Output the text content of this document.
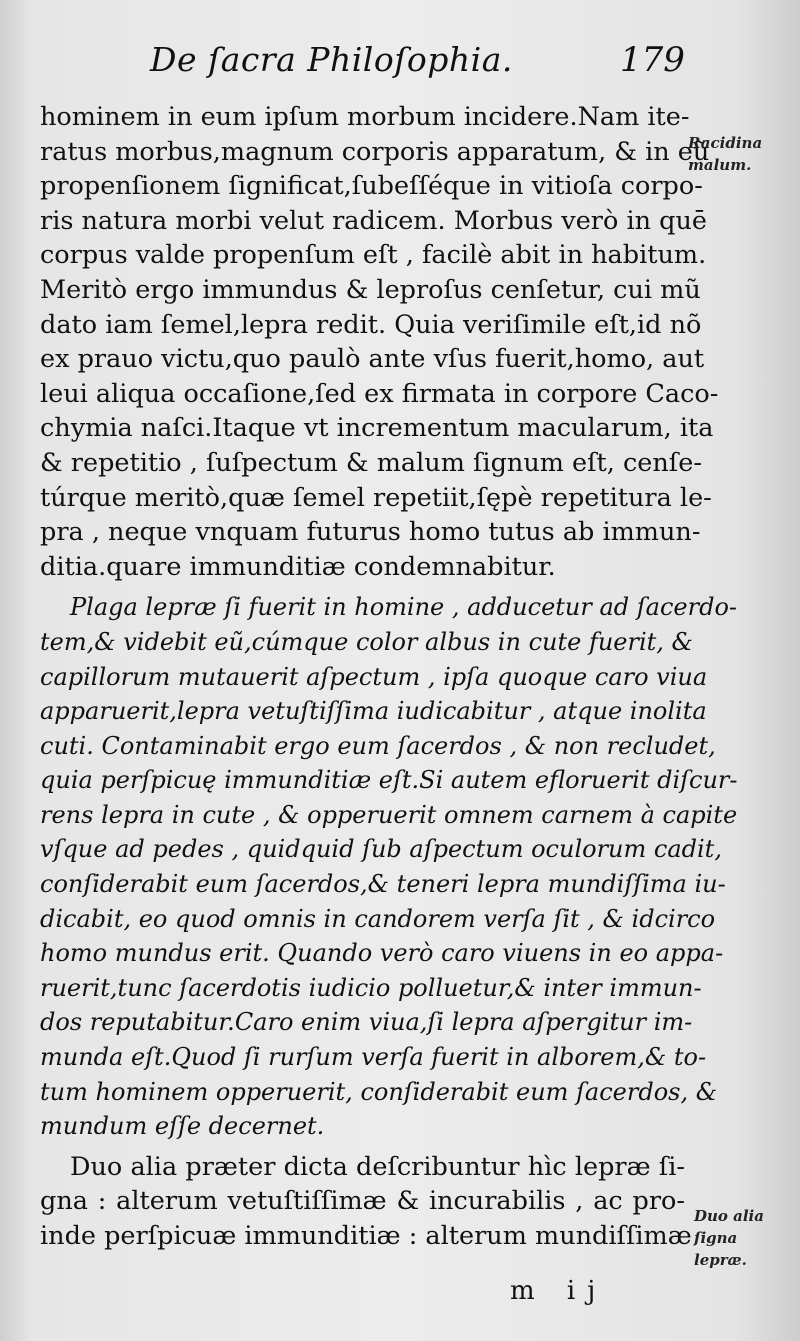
De ſacra Philoſophia.	179
hominem in eum ipſum morbum incidere.Nam ite-
ratus morbus,magnum corporis apparatum, & in eũ
propenſionem ſignificat,ſubeſſéque in vitioſa corpo-
ris natura morbi velut radicem. Morbus verò in quē
corpus valde propenſum eſt , facilè abit in habitum.
Meritò ergo immundus & leproſus cenſetur, cui mũ
dato iam ſemel,lepra redit. Quia veriſimile eſt,id nõ
ex prauo victu,quo paulò ante vſus fuerit,homo, aut
leui aliqua occaſione,ſed ex firmata in corpore Caco-
chymia naſci.Itaque vt incrementum macularum, ita
& repetitio , ſuſpectum & malum ſignum eſt, cenſe-
túrque meritò,quæ ſemel repetiit,ſępè repetitura le-
pra , neque vnquam futurus homo tutus ab immun-
ditia.quare immunditiæ condemnabitur.
Plaga lepræ ſi fuerit in homine , adducetur ad ſacerdo-
tem,& videbit eũ,cúmque color albus in cute fuerit, &
capillorum mutauerit aſpectum , ipſa quoque caro viua
apparuerit,lepra vetuſtiſſima iudicabitur , atque inolita
cuti. Contaminabit ergo eum ſacerdos , & non recludet,
quia perſpicuę immunditiæ eſt.Si autem efloruerit diſcur-
rens lepra in cute , & opperuerit omnem carnem à capite
vſque ad pedes , quidquid ſub aſpectum oculorum cadit,
conſiderabit eum ſacerdos,& teneri lepra mundiſſima iu-
dicabit, eo quod omnis in candorem verſa ſit , & idcirco
homo mundus erit. Quando verò caro viuens in eo appa-
ruerit,tunc ſacerdotis iudicio polluetur,& inter immun-
dos reputabitur.Caro enim viua,ſi lepra aſpergitur im-
munda eſt.Quod ſi rurſum verſa fuerit in alborem,& to-
tum hominem opperuerit, conſiderabit eum ſacerdos, &
mundum eſſe decernet.
Duo alia præter dicta deſcribuntur hìc lepræ ſi-
gna : alterum vetuſtiſſimæ & incurabilis , ac pro-
inde perſpicuæ immunditiæ : alterum mundiſſimæ
Racidina malum.
Duo alia ſigna lepræ.
m ij
